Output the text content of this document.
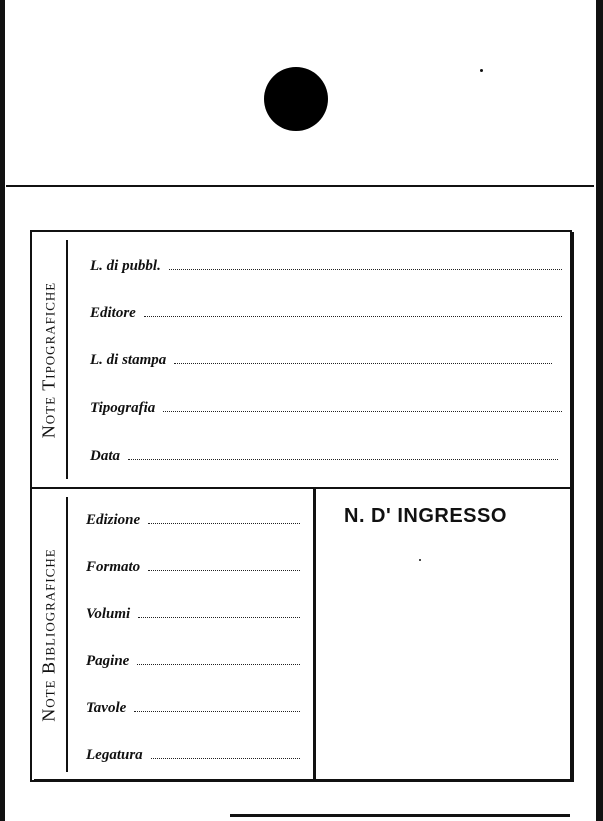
Note Tipografiche
L. di pubbl.
Editore
L. di stampa
Tipografia
Data
Note Bibliografiche
Edizione
Formato
Volumi
Pagine
Tavole
Legatura
N. D' INGRESSO
